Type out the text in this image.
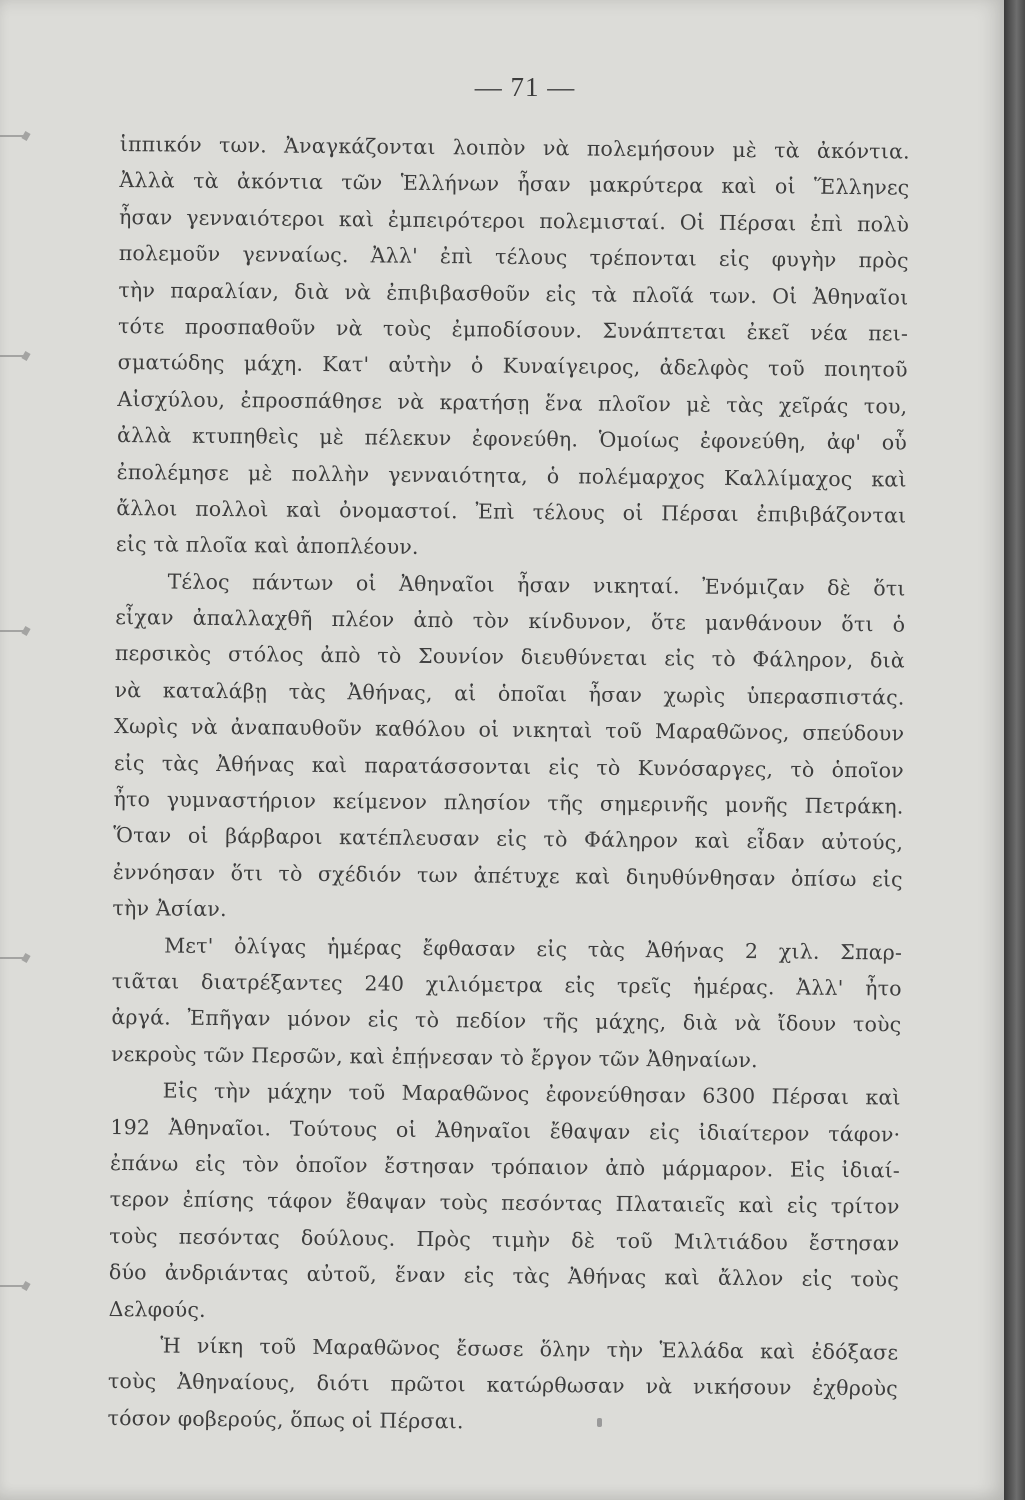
— 71 —
ἱππικόν των. Ἀναγκάζονται λοιπὸν νὰ πολεμήσουν μὲ τὰ ἀκόντια.
Ἀλλὰ τὰ ἀκόντια τῶν Ἑλλήνων ἦσαν μακρύτερα καὶ οἱ Ἕλληνες
ἦσαν γενναιότεροι καὶ ἐμπειρότεροι πολεμισταί. Οἱ Πέρσαι ἐπὶ πολὺ
πολεμοῦν γενναίως. Ἀλλ' ἐπὶ τέλους τρέπονται εἰς φυγὴν πρὸς
τὴν παραλίαν, διὰ νὰ ἐπιβιβασθοῦν εἰς τὰ πλοῖά των. Οἱ Ἀθηναῖοι
τότε προσπαθοῦν νὰ τοὺς ἐμποδίσουν. Συνάπτεται ἐκεῖ νέα πει-
σματώδης μάχη. Κατ' αὐτὴν ὁ Κυναίγειρος, ἀδελφὸς τοῦ ποιητοῦ
Αἰσχύλου, ἐπροσπάθησε νὰ κρατήσῃ ἕνα πλοῖον μὲ τὰς χεῖράς του,
ἀλλὰ κτυπηθεὶς μὲ πέλεκυν ἐφονεύθη. Ὁμοίως ἐφονεύθη, ἀφ' οὗ
ἐπολέμησε μὲ πολλὴν γενναιότητα, ὁ πολέμαρχος Καλλίμαχος καὶ
ἄλλοι πολλοὶ καὶ ὀνομαστοί. Ἐπὶ τέλους οἱ Πέρσαι ἐπιβιβάζονται
εἰς τὰ πλοῖα καὶ ἀποπλέουν.
Τέλος πάντων οἱ Ἀθηναῖοι ἦσαν νικηταί. Ἐνόμιζαν δὲ ὅτι
εἶχαν ἀπαλλαχθῆ πλέον ἀπὸ τὸν κίνδυνον, ὅτε μανθάνουν ὅτι ὁ
περσικὸς στόλος ἀπὸ τὸ Σουνίον διευθύνεται εἰς τὸ Φάληρον, διὰ
νὰ καταλάβῃ τὰς Ἀθήνας, αἱ ὁποῖαι ἦσαν χωρὶς ὑπερασπιστάς.
Χωρὶς νὰ ἀναπαυθοῦν καθόλου οἱ νικηταὶ τοῦ Μαραθῶνος, σπεύδουν
εἰς τὰς Ἀθήνας καὶ παρατάσσονται εἰς τὸ Κυνόσαργες, τὸ ὁποῖον
ἦτο γυμναστήριον κείμενον πλησίον τῆς σημερινῆς μονῆς Πετράκη.
Ὅταν οἱ βάρβαροι κατέπλευσαν εἰς τὸ Φάληρον καὶ εἶδαν αὐτούς,
ἐννόησαν ὅτι τὸ σχέδιόν των ἀπέτυχε καὶ διηυθύνθησαν ὀπίσω εἰς
τὴν Ἀσίαν.
Μετ' ὀλίγας ἡμέρας ἔφθασαν εἰς τὰς Ἀθήνας 2 χιλ. Σπαρ-
τιᾶται διατρέξαντες 240 χιλιόμετρα εἰς τρεῖς ἡμέρας. Ἀλλ' ἦτο
ἀργά. Ἐπῆγαν μόνον εἰς τὸ πεδίον τῆς μάχης, διὰ νὰ ἴδουν τοὺς
νεκροὺς τῶν Περσῶν, καὶ ἐπῄνεσαν τὸ ἔργον τῶν Ἀθηναίων.
Εἰς τὴν μάχην τοῦ Μαραθῶνος ἐφονεύθησαν 6300 Πέρσαι καὶ
192 Ἀθηναῖοι. Τούτους οἱ Ἀθηναῖοι ἔθαψαν εἰς ἰδιαίτερον τάφον·
ἐπάνω εἰς τὸν ὁποῖον ἔστησαν τρόπαιον ἀπὸ μάρμαρον. Εἰς ἰδιαί-
τερον ἐπίσης τάφον ἔθαψαν τοὺς πεσόντας Πλαταιεῖς καὶ εἰς τρίτον
τοὺς πεσόντας δούλους. Πρὸς τιμὴν δὲ τοῦ Μιλτιάδου ἔστησαν
δύο ἀνδριάντας αὐτοῦ, ἕναν εἰς τὰς Ἀθήνας καὶ ἄλλον εἰς τοὺς
Δελφούς.
Ἡ νίκη τοῦ Μαραθῶνος ἔσωσε ὅλην τὴν Ἑλλάδα καὶ ἐδόξασε
τοὺς Ἀθηναίους, διότι πρῶτοι κατώρθωσαν νὰ νικήσουν ἐχθροὺς
τόσον φοβερούς, ὅπως οἱ Πέρσαι.
